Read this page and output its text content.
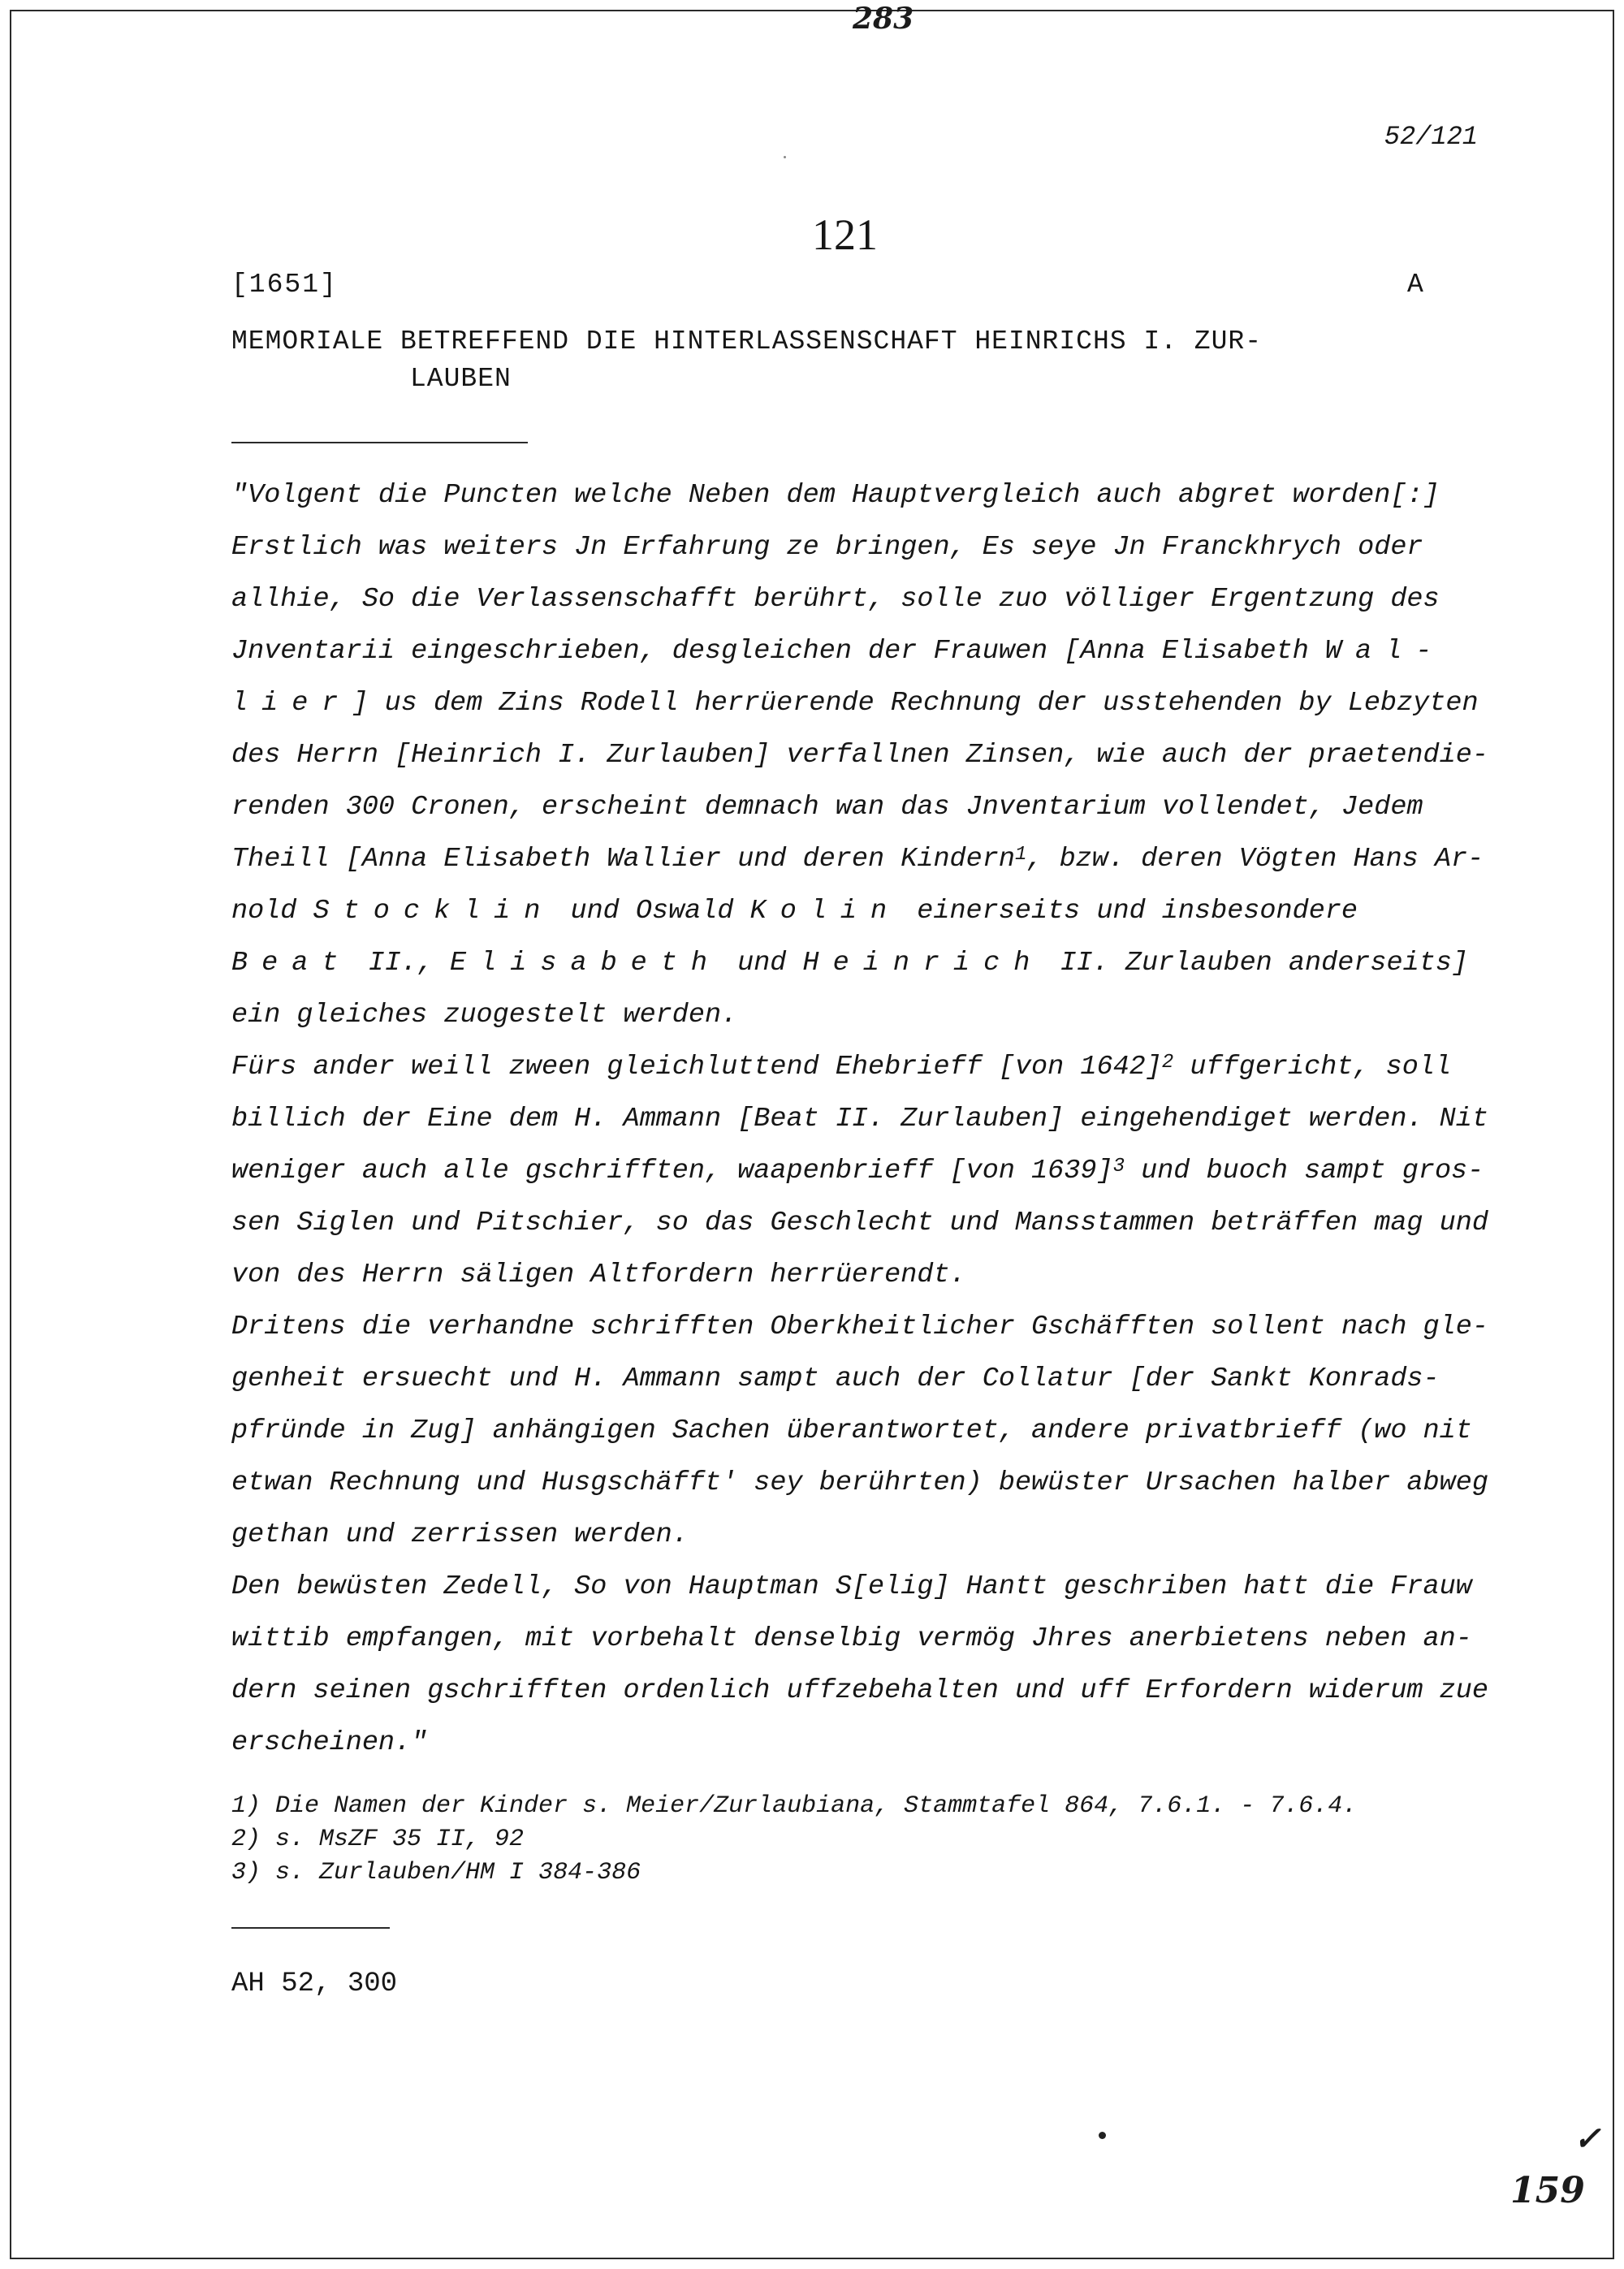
283
52/121
121
[1651]	A
MEMORIALE BETREFFEND DIE HINTERLASSENSCHAFT HEINRICHS I. ZUR-
LAUBEN
"Volgent die Puncten welche Neben dem Hauptvergleich auch abgret worden[:]
Erstlich was weiters Jn Erfahrung ze bringen, Es seye Jn Franckhrych oder
allhie, So die Verlassenschafft berührt, solle zuo völliger Ergentzung des
Jnventarii eingeschrieben, desgleichen der Frauwen [Anna Elisabeth Wal-
lier] us dem Zins Rodell herrüerende Rechnung der usstehenden by Lebzyten
des Herrn [Heinrich I. Zurlauben] verfallnen Zinsen, wie auch der praetendie-
renden 300 Cronen, erscheint demnach wan das Jnventarium vollendet, Jedem
Theill [Anna Elisabeth Wallier und deren Kindern$^1$, bzw. deren Vögten Hans Ar-
nold Stocklin und Oswald Kolin einerseits und insbesondere
Beat II., Elisabeth und Heinrich II. Zurlauben anderseits]
ein gleiches zuogestelt werden.
Fürs ander weill zween gleichluttend Ehebrieff [von 1642]$^2$ uffgericht, soll
billich der Eine dem H. Ammann [Beat II. Zurlauben] eingehendiget werden. Nit
weniger auch alle gschrifften, waapenbrieff [von 1639]$^3$ und buoch sampt gros-
sen Siglen und Pitschier, so das Geschlecht und Mansstammen beträffen mag und
von des Herrn säligen Altfordern herrüerendt.
Dritens die verhandne schrifften Oberkheitlicher Gschäfften sollent nach gle-
genheit ersuecht und H. Ammann sampt auch der Collatur [der Sankt Konrads-
pfründe in Zug] anhängigen Sachen überantwortet, andere privatbrieff (wo nit
etwan Rechnung und Husgschäfft' sey berührten) bewüster Ursachen halber abweg
gethan und zerrissen werden.
Den bewüsten Zedell, So von Hauptman S[elig] Hantt geschriben hatt die Frauw
wittib empfangen, mit vorbehalt denselbig vermög Jhres anerbietens neben an-
dern seinen gschrifften ordenlich uffzebehalten und uff Erfordern widerum zue
erscheinen."
1) Die Namen der Kinder s. Meier/Zurlaubiana, Stammtafel 864, 7.6.1. - 7.6.4.
2) s. MsZF 35 II, 92
3) s. Zurlauben/HM I 384-386
AH 52, 300
✓
159
